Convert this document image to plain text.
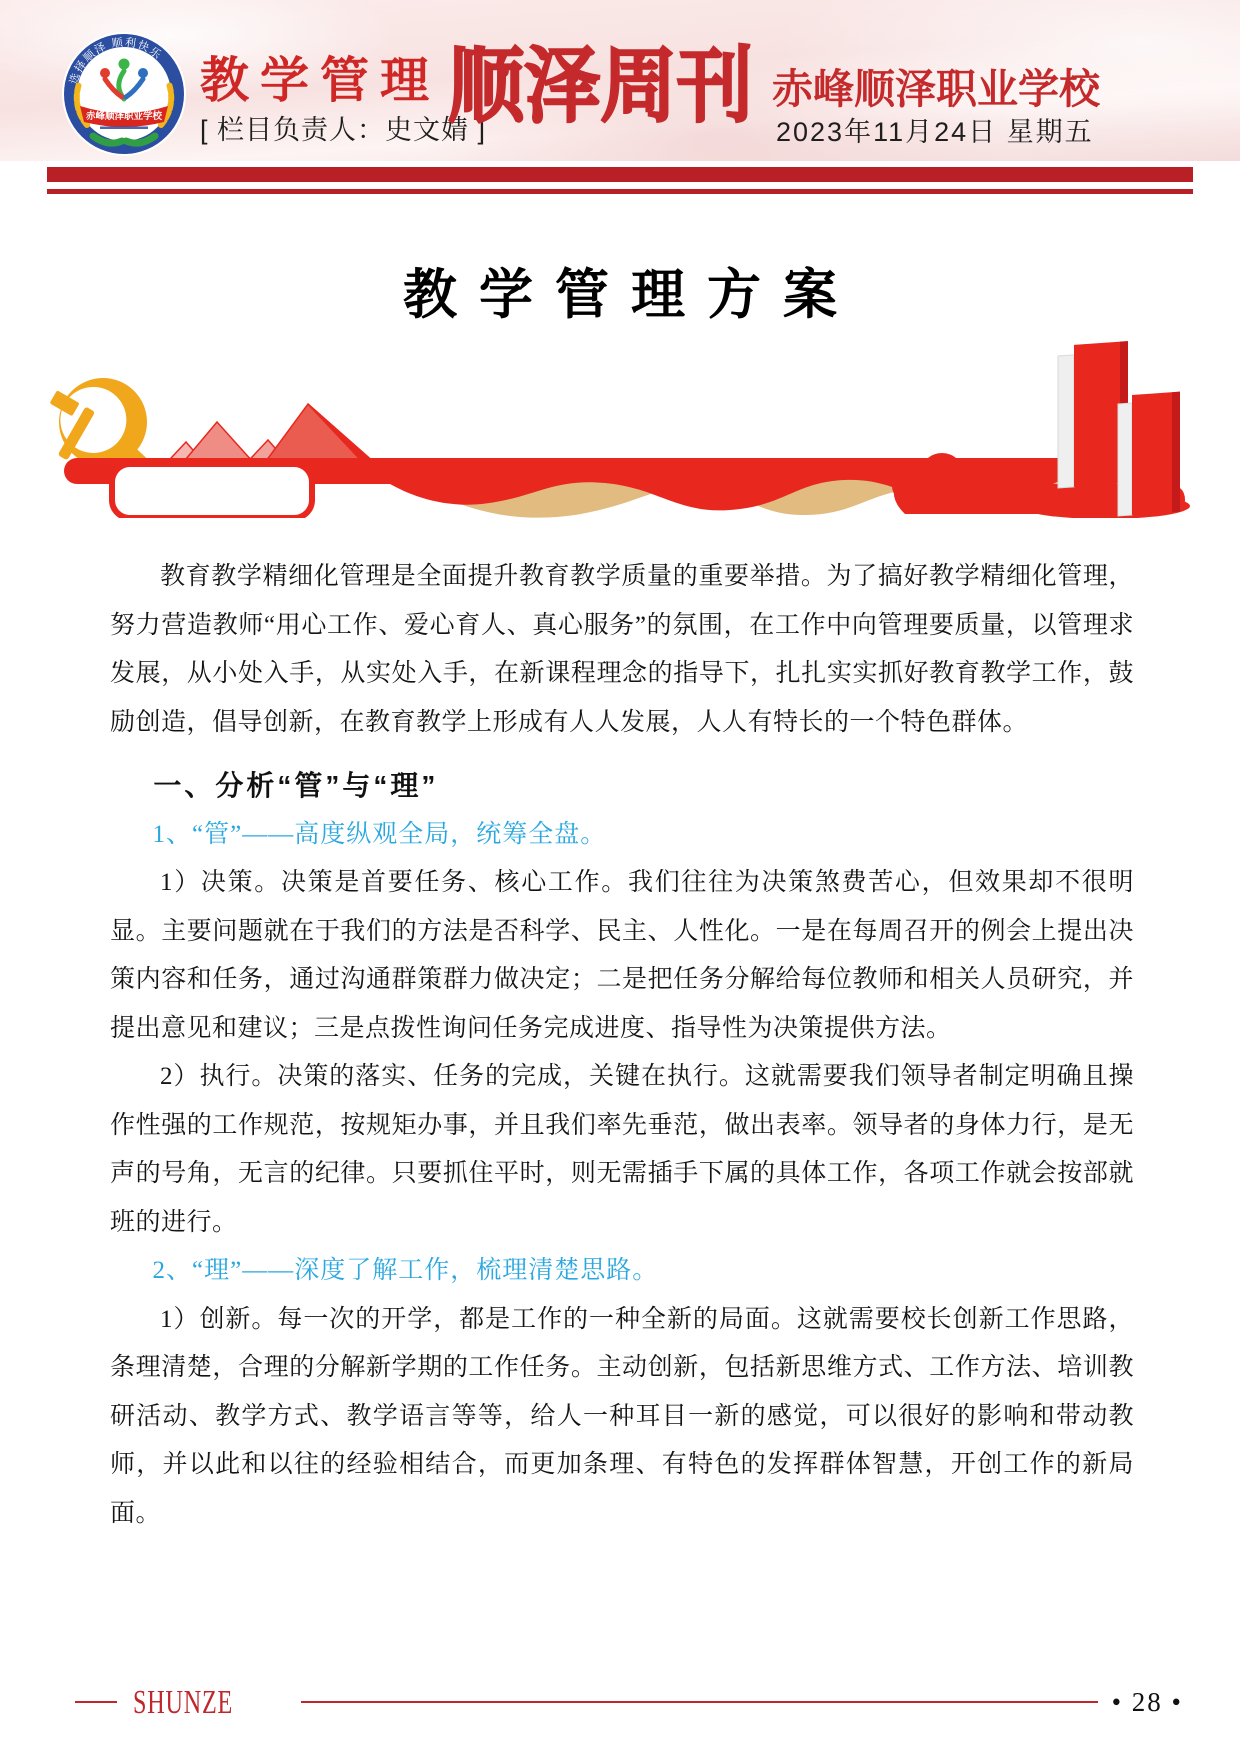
选择顺泽 顺利快乐
赤峰顺泽职业学校
教学管理
[ 栏目负责人：史文婧 ]
顺泽周刊 赤峰顺泽职业学校
2023年11月24日 星期五
教学管理方案

教育教学精细化管理是全面提升教育教学质量的重要举措。为了搞好教学精细化管理，努力营造教师“用心工作、爱心育人、真心服务”的氛围，在工作中向管理要质量，以管理求发展，从小处入手，从实处入手，在新课程理念的指导下，扎扎实实抓好教育教学工作，鼓励创造，倡导创新，在教育教学上形成有人人发展，人人有特长的一个特色群体。

一、分析“管”与“理”
1、“管”——高度纵观全局，统筹全盘。

1）决策。决策是首要任务、核心工作。我们往往为决策煞费苦心，但效果却不很明显。主要问题就在于我们的方法是否科学、民主、人性化。一是在每周召开的例会上提出决策内容和任务，通过沟通群策群力做决定；二是把任务分解给每位教师和相关人员研究，并提出意见和建议；三是点拨性询问任务完成进度、指导性为决策提供方法。

2）执行。决策的落实、任务的完成，关键在执行。这就需要我们领导者制定明确且操作性强的工作规范，按规矩办事，并且我们率先垂范，做出表率。领导者的身体力行，是无声的号角，无言的纪律。只要抓住平时，则无需插手下属的具体工作，各项工作就会按部就班的进行。

2、“理”——深度了解工作，梳理清楚思路。

1）创新。每一次的开学，都是工作的一种全新的局面。这就需要校长创新工作思路，条理清楚，合理的分解新学期的工作任务。主动创新，包括新思维方式、工作方法、培训教研活动、教学方式、教学语言等等，给人一种耳目一新的感觉，可以很好的影响和带动教师，并以此和以往的经验相结合，而更加条理、有特色的发挥群体智慧，开创工作的新局面。

SHUNZE	• 28 •
